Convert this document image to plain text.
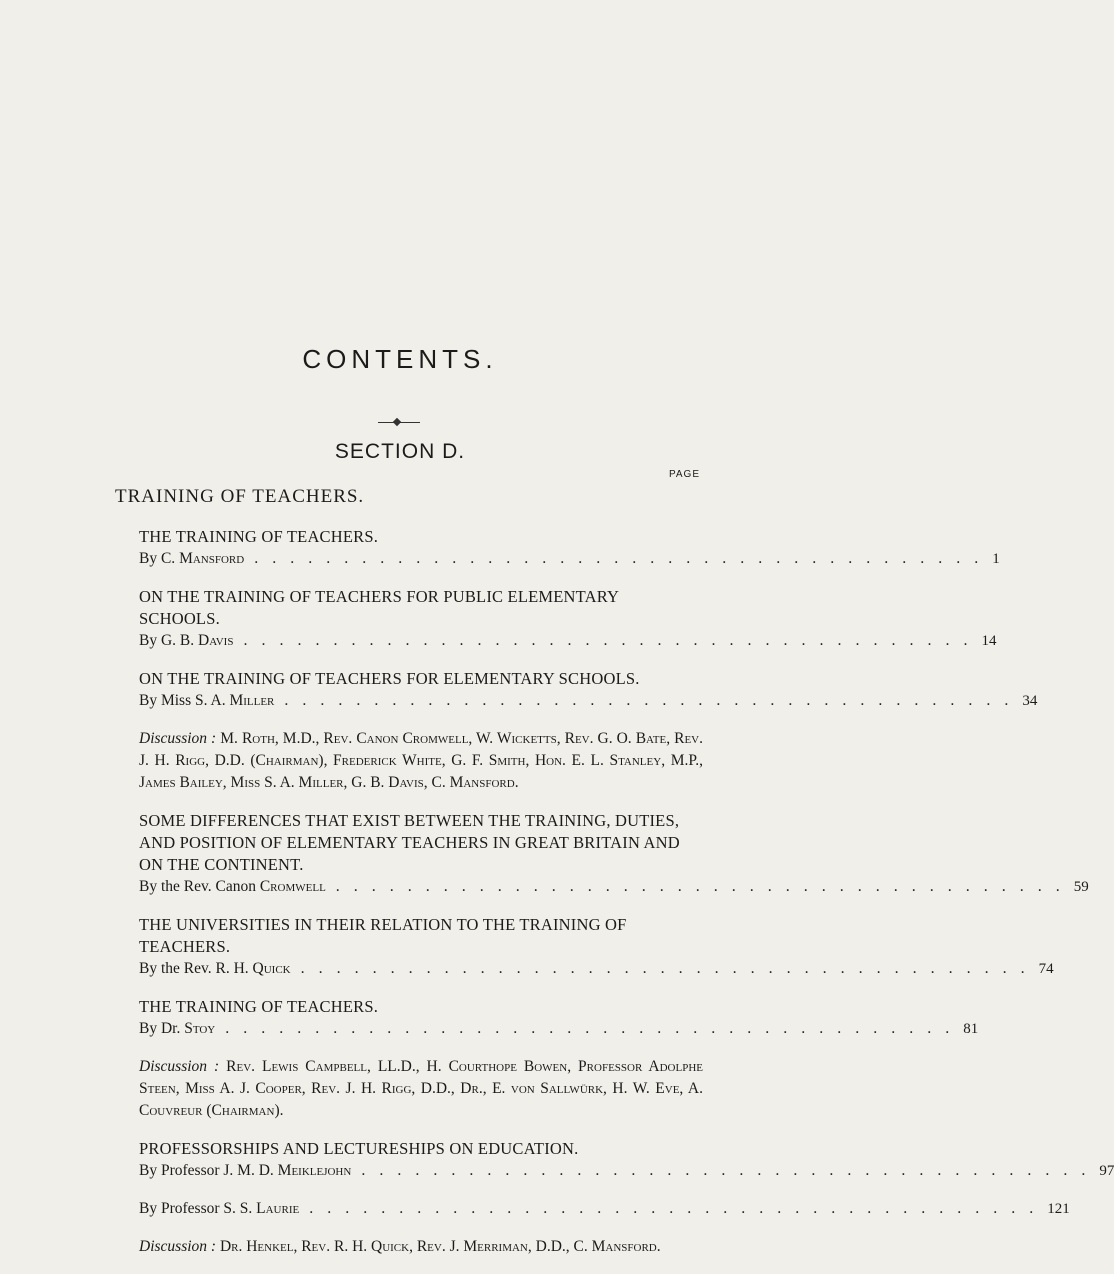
CONTENTS.
SECTION D.
PAGE
TRAINING OF TEACHERS.
THE TRAINING OF TEACHERS.
By C. Mansford ......................................... 1
ON THE TRAINING OF TEACHERS FOR PUBLIC ELEMENTARY SCHOOLS.
By G. B. Davis ......................................... 14
ON THE TRAINING OF TEACHERS FOR ELEMENTARY SCHOOLS.
By Miss S. A. Miller ......................................... 34
Discussion : M. Roth, M.D., Rev. Canon Cromwell, W. Wicketts, Rev. G. O. Bate, Rev. J. H. Rigg, D.D. (Chairman), Frederick White, G. F. Smith, Hon. E. L. Stanley, M.P., James Bailey, Miss S. A. Miller, G. B. Davis, C. Mansford.
SOME DIFFERENCES THAT EXIST BETWEEN THE TRAINING, DUTIES, AND POSITION OF ELEMENTARY TEACHERS IN GREAT BRITAIN AND ON THE CONTINENT.
By the Rev. Canon Cromwell ......................................... 59
THE UNIVERSITIES IN THEIR RELATION TO THE TRAINING OF TEACHERS.
By the Rev. R. H. Quick ......................................... 74
THE TRAINING OF TEACHERS.
By Dr. Stoy ......................................... 81
Discussion : Rev. Lewis Campbell, LL.D., H. Courthope Bowen, Professor Adolphe Steen, Miss A. J. Cooper, Rev. J. H. Rigg, D.D., Dr., E. von Sallwürk, H. W. Eve, A. Couvreur (Chairman).
PROFESSORSHIPS AND LECTURESHIPS ON EDUCATION.
By Professor J. M. D. Meiklejohn ......................................... 97
By Professor S. S. Laurie ......................................... 121
Discussion : Dr. Henkel, Rev. R. H. Quick, Rev. J. Merriman, D.D., C. Mansford.
